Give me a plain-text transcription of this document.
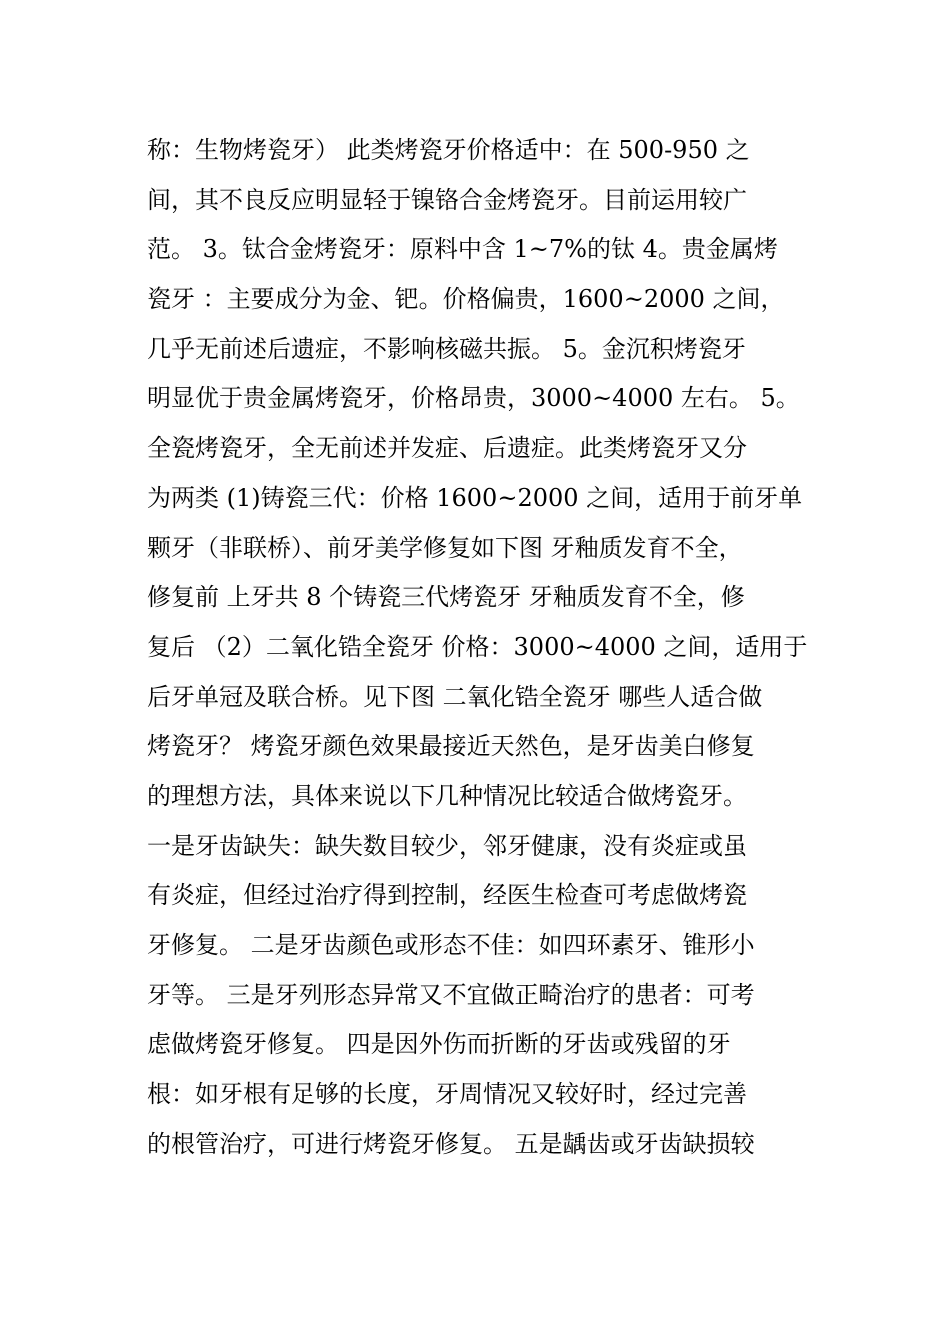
称：生物烤瓷牙） 此类烤瓷牙价格适中：在 500-950 之
间，其不良反应明显轻于镍铬合金烤瓷牙。目前运用较广
范。 3。钛合金烤瓷牙：原料中含 1~7%的钛 4。贵金属烤
瓷牙 ：主要成分为金、钯。价格偏贵，1600~2000 之间，
几乎无前述后遗症，不影响核磁共振。 5。金沉积烤瓷牙
明显优于贵金属烤瓷牙，价格昂贵，3000~4000 左右。 5。
全瓷烤瓷牙，全无前述并发症、后遗症。此类烤瓷牙又分
为两类 (1)铸瓷三代：价格 1600~2000 之间，适用于前牙单
颗牙（非联桥）、前牙美学修复如下图 牙釉质发育不全，
修复前 上牙共 8 个铸瓷三代烤瓷牙 牙釉质发育不全，修
复后 （2）二氧化锆全瓷牙 价格：3000~4000 之间，适用于
后牙单冠及联合桥。见下图 二氧化锆全瓷牙 哪些人适合做
烤瓷牙？ 烤瓷牙颜色效果最接近天然色，是牙齿美白修复
的理想方法，具体来说以下几种情况比较适合做烤瓷牙。
一是牙齿缺失：缺失数目较少，邻牙健康，没有炎症或虽
有炎症，但经过治疗得到控制，经医生检查可考虑做烤瓷
牙修复。 二是牙齿颜色或形态不佳：如四环素牙、锥形小
牙等。 三是牙列形态异常又不宜做正畸治疗的患者：可考
虑做烤瓷牙修复。 四是因外伤而折断的牙齿或残留的牙
根：如牙根有足够的长度，牙周情况又较好时，经过完善
的根管治疗，可进行烤瓷牙修复。 五是龋齿或牙齿缺损较
